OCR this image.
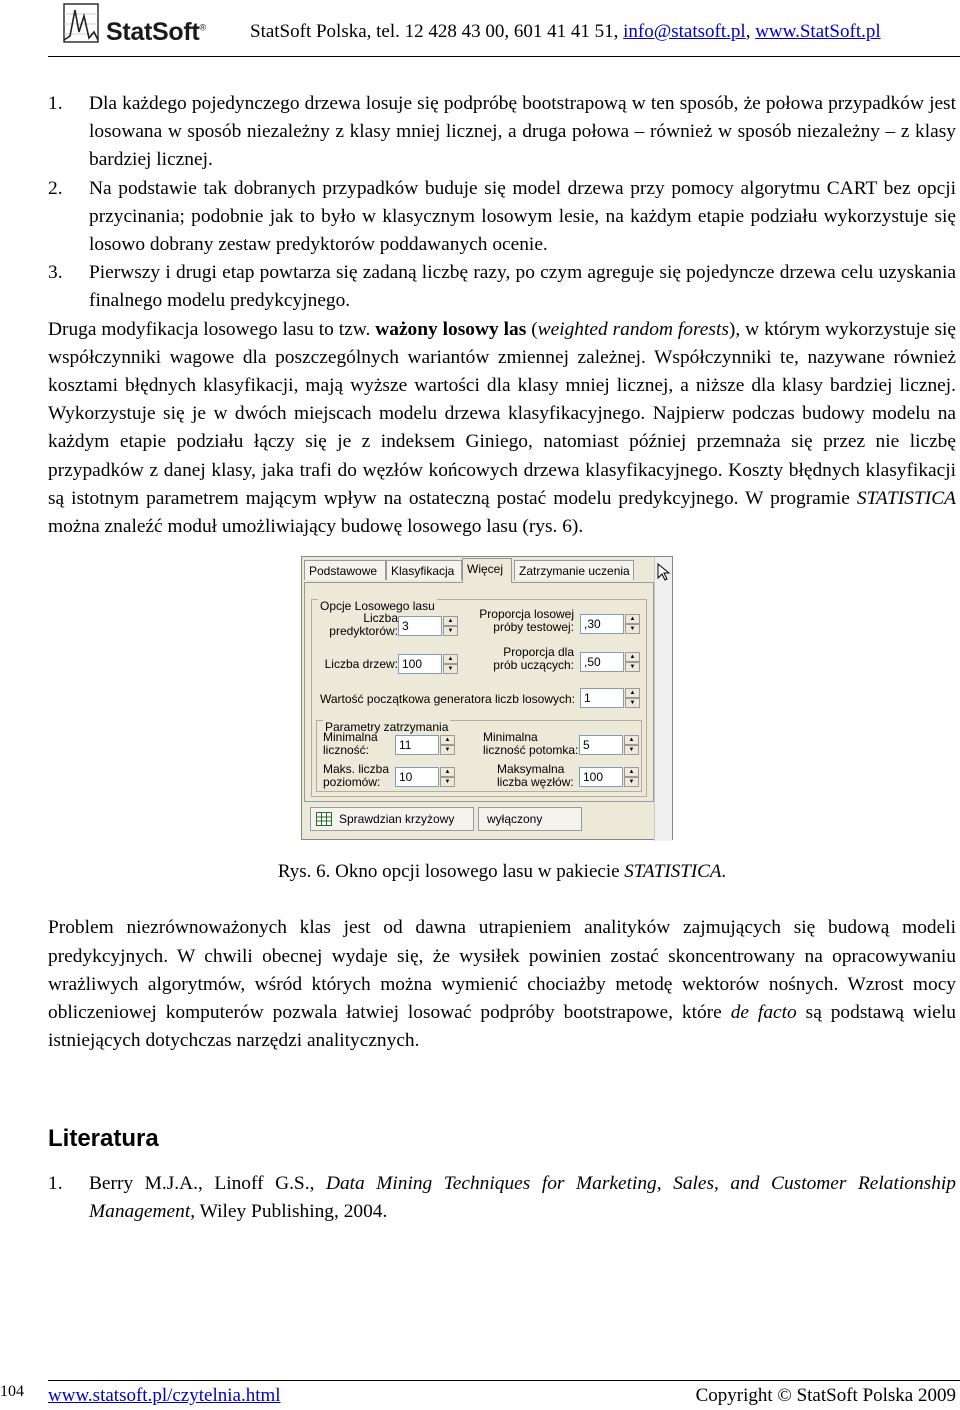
StatSoft® StatSoft Polska, tel. 12 428 43 00, 601 41 41 51, info@statsoft.pl, www.StatSoft.pl
1. Dla każdego pojedynczego drzewa losuje się podpróbę bootstrapową w ten sposób, że połowa przypadków jest losowana w sposób niezależny z klasy mniej licznej, a druga połowa – również w sposób niezależny – z klasy bardziej licznej.
2. Na podstawie tak dobranych przypadków buduje się model drzewa przy pomocy algorytmu CART bez opcji przycinania; podobnie jak to było w klasycznym losowym lesie, na każdym etapie podziału wykorzystuje się losowo dobrany zestaw predyktorów poddawanych ocenie.
3. Pierwszy i drugi etap powtarza się zadaną liczbę razy, po czym agreguje się pojedyncze drzewa celu uzyskania finalnego modelu predykcyjnego.

Druga modyfikacja losowego lasu to tzw. ważony losowy las (weighted random forests), w którym wykorzystuje się współczynniki wagowe dla poszczególnych wariantów zmiennej zależnej. Współczynniki te, nazywane również kosztami błędnych klasyfikacji, mają wyższe wartości dla klasy mniej licznej, a niższe dla klasy bardziej licznej. Wykorzystuje się je w dwóch miejscach modelu drzewa klasyfikacyjnego. Najpierw podczas budowy modelu na każdym etapie podziału łączy się je z indeksem Giniego, natomiast później przemnaża się przez nie liczbę przypadków z danej klasy, jaka trafi do węzłów końcowych drzewa klasyfikacyjnego. Koszty błędnych klasyfikacji są istotnym parametrem mającym wpływ na ostateczną postać modelu predykcyjnego. W programie STATISTICA można znaleźć moduł umożliwiający budowę losowego lasu (rys. 6).

Podstawowe	Klasyfikacja	Więcej	Zatrzymanie uczenia
Opcje Losowego lasu
Liczba
predyktorów: 3	▲
▼
Proporcja losowej
próby testowej: ,30	▲
▼
Liczba drzew: 100	▲
▼
Proporcja dla
prób uczących: ,50	▲
▼
Wartość początkowa generatora liczb losowych: 1	▲
▼
Parametry zatrzymania
Minimalna
liczność:	11	▲
▼
Minimalna
liczność potomka: 5	▲
▼
Maks. liczba
poziomów:	10	▲
▼
Maksymalna
liczba węzłów: 100	▲
▼
Sprawdzian krzyżowy	wyłączony

Rys. 6. Okno opcji losowego lasu w pakiecie STATISTICA.

Problem niezrównoważonych klas jest od dawna utrapieniem analityków zajmujących się budową modeli predykcyjnych. W chwili obecnej wydaje się, że wysiłek powinien zostać skoncentrowany na opracowywaniu wrażliwych algorytmów, wśród których można wymienić chociażby metodę wektorów nośnych. Wzrost mocy obliczeniowej komputerów pozwala łatwiej losować podpróby bootstrapowe, które de facto są podstawą wielu istniejących dotychczas narzędzi analitycznych.

Literatura
1. Berry M.J.A., Linoff G.S., Data Mining Techniques for Marketing, Sales, and Customer Relationship Management, Wiley Publishing, 2004.
104 www.statsoft.pl/czytelnia.html	Copyright © StatSoft Polska 2009
